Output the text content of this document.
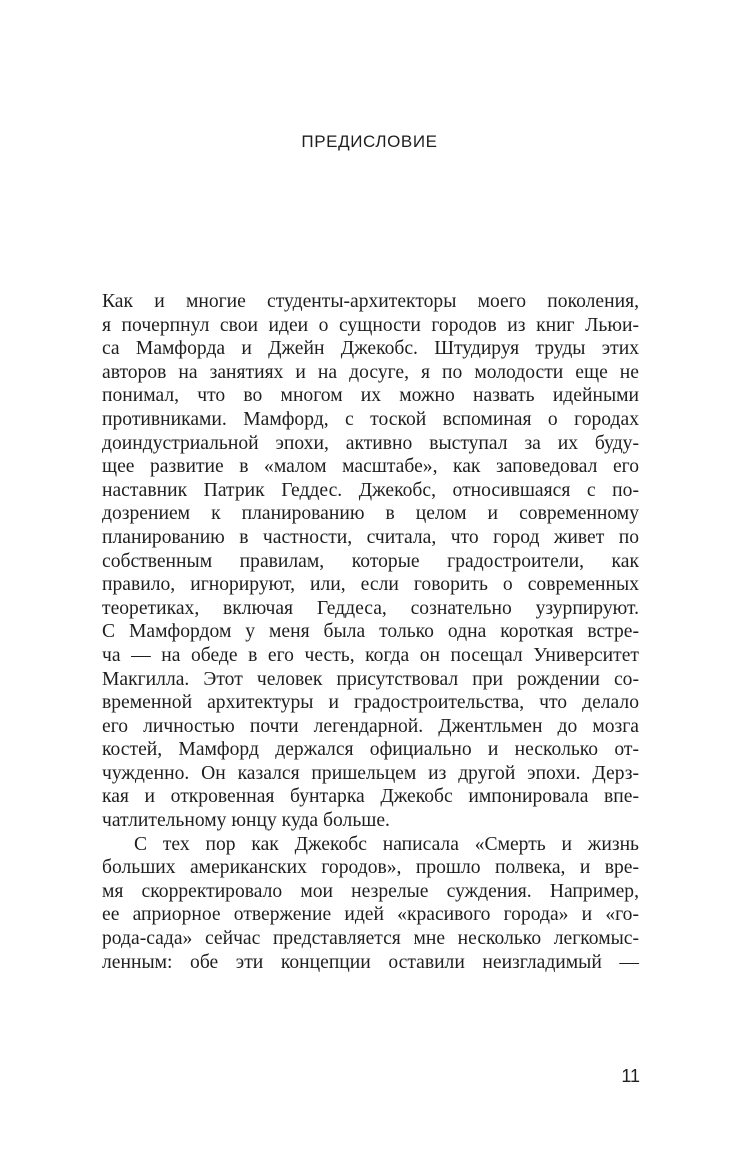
ПРЕДИСЛОВИЕ
Как и многие студенты-архитекторы моего поколения,
я почерпнул свои идеи о сущности городов из книг Льюи-
са Мамфорда и Джейн Джекобс. Штудируя труды этих
авторов на занятиях и на досуге, я по молодости еще не
понимал, что во многом их можно назвать идейными
противниками. Мамфорд, с тоской вспоминая о городах
доиндустриальной эпохи, активно выступал за их буду-
щее развитие в «малом масштабе», как заповедовал его
наставник Патрик Геддес. Джекобс, относившаяся с по-
дозрением к планированию в целом и современному
планированию в частности, считала, что город живет по
собственным правилам, которые градостроители, как
правило, игнорируют, или, если говорить о современных
теоретиках, включая Геддеса, сознательно узурпируют.
С Мамфордом у меня была только одна короткая встре-
ча — на обеде в его честь, когда он посещал Университет
Макгилла. Этот человек присутствовал при рождении со-
временной архитектуры и градостроительства, что делало
его личностью почти легендарной. Джентльмен до мозга
костей, Мамфорд держался официально и несколько от-
чужденно. Он казался пришельцем из другой эпохи. Дерз-
кая и откровенная бунтарка Джекобс импонировала впе-
чатлительному юнцу куда больше.
С тех пор как Джекобс написала «Смерть и жизнь
больших американских городов», прошло полвека, и вре-
мя скорректировало мои незрелые суждения. Например,
ее априорное отвержение идей «красивого города» и «го-
рода-сада» сейчас представляется мне несколько легкомыс-
ленным: обе эти концепции оставили неизгладимый —
11
